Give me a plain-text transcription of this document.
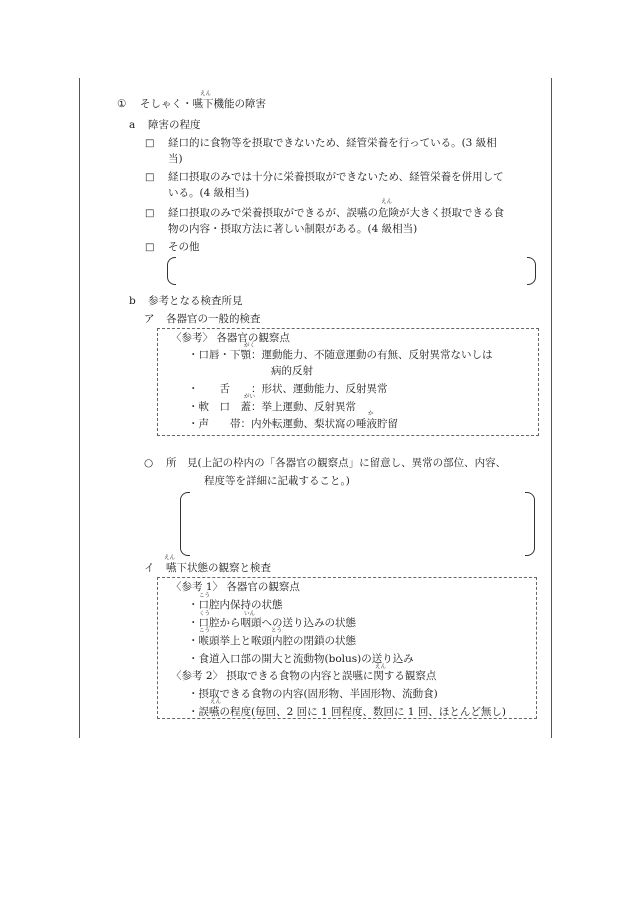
えん
① そしゃく・嚥下機能の障害
a 障害の程度
□ 経口的に食物等を摂取できないため、経管栄養を行っている。(3 級相
当)
□ 経口摂取のみでは十分に栄養摂取ができないため、経管栄養を併用して
いる。(4 級相当)
えん
□ 経口摂取のみで栄養摂取ができるが、誤嚥の危険が大きく摂取できる食
物の内容・摂取方法に著しい制限がある。(4 級相当)
□ その他
b 参考となる検査所見
ア 各器官の一般的検査
〈参考〉 各器官の観察点
がく
・口唇・下顎：運動能力、不随意運動の有無、反射異常ないしは
病的反射
・　　舌　　：形状、運動能力、反射異常
がい
・軟　口　蓋：挙上運動、反射異常
か
・声　　帯：内外転運動、梨状窩の唾液貯留
○ 所　見(上記の枠内の「各器官の観察点」に留意し、異常の部位、内容、
程度等を詳細に記載すること。)
えん
イ 嚥下状態の観察と検査
〈参考 1〉 各器官の観察点
こう
・口腔内保持の状態
くう	いん
・口腔から咽頭への送り込みの状態
こう	とう
・喉頭挙上と喉頭内腔の閉鎖の状態
・食道入口部の開大と流動物(bolus)の送り込み
えん
〈参考 2〉 摂取できる食物の内容と誤嚥に関する観察点
・摂取できる食物の内容(固形物、半固形物、流動食)
えん
・誤嚥の程度(毎回、2 回に 1 回程度、数回に 1 回、ほとんど無し)
